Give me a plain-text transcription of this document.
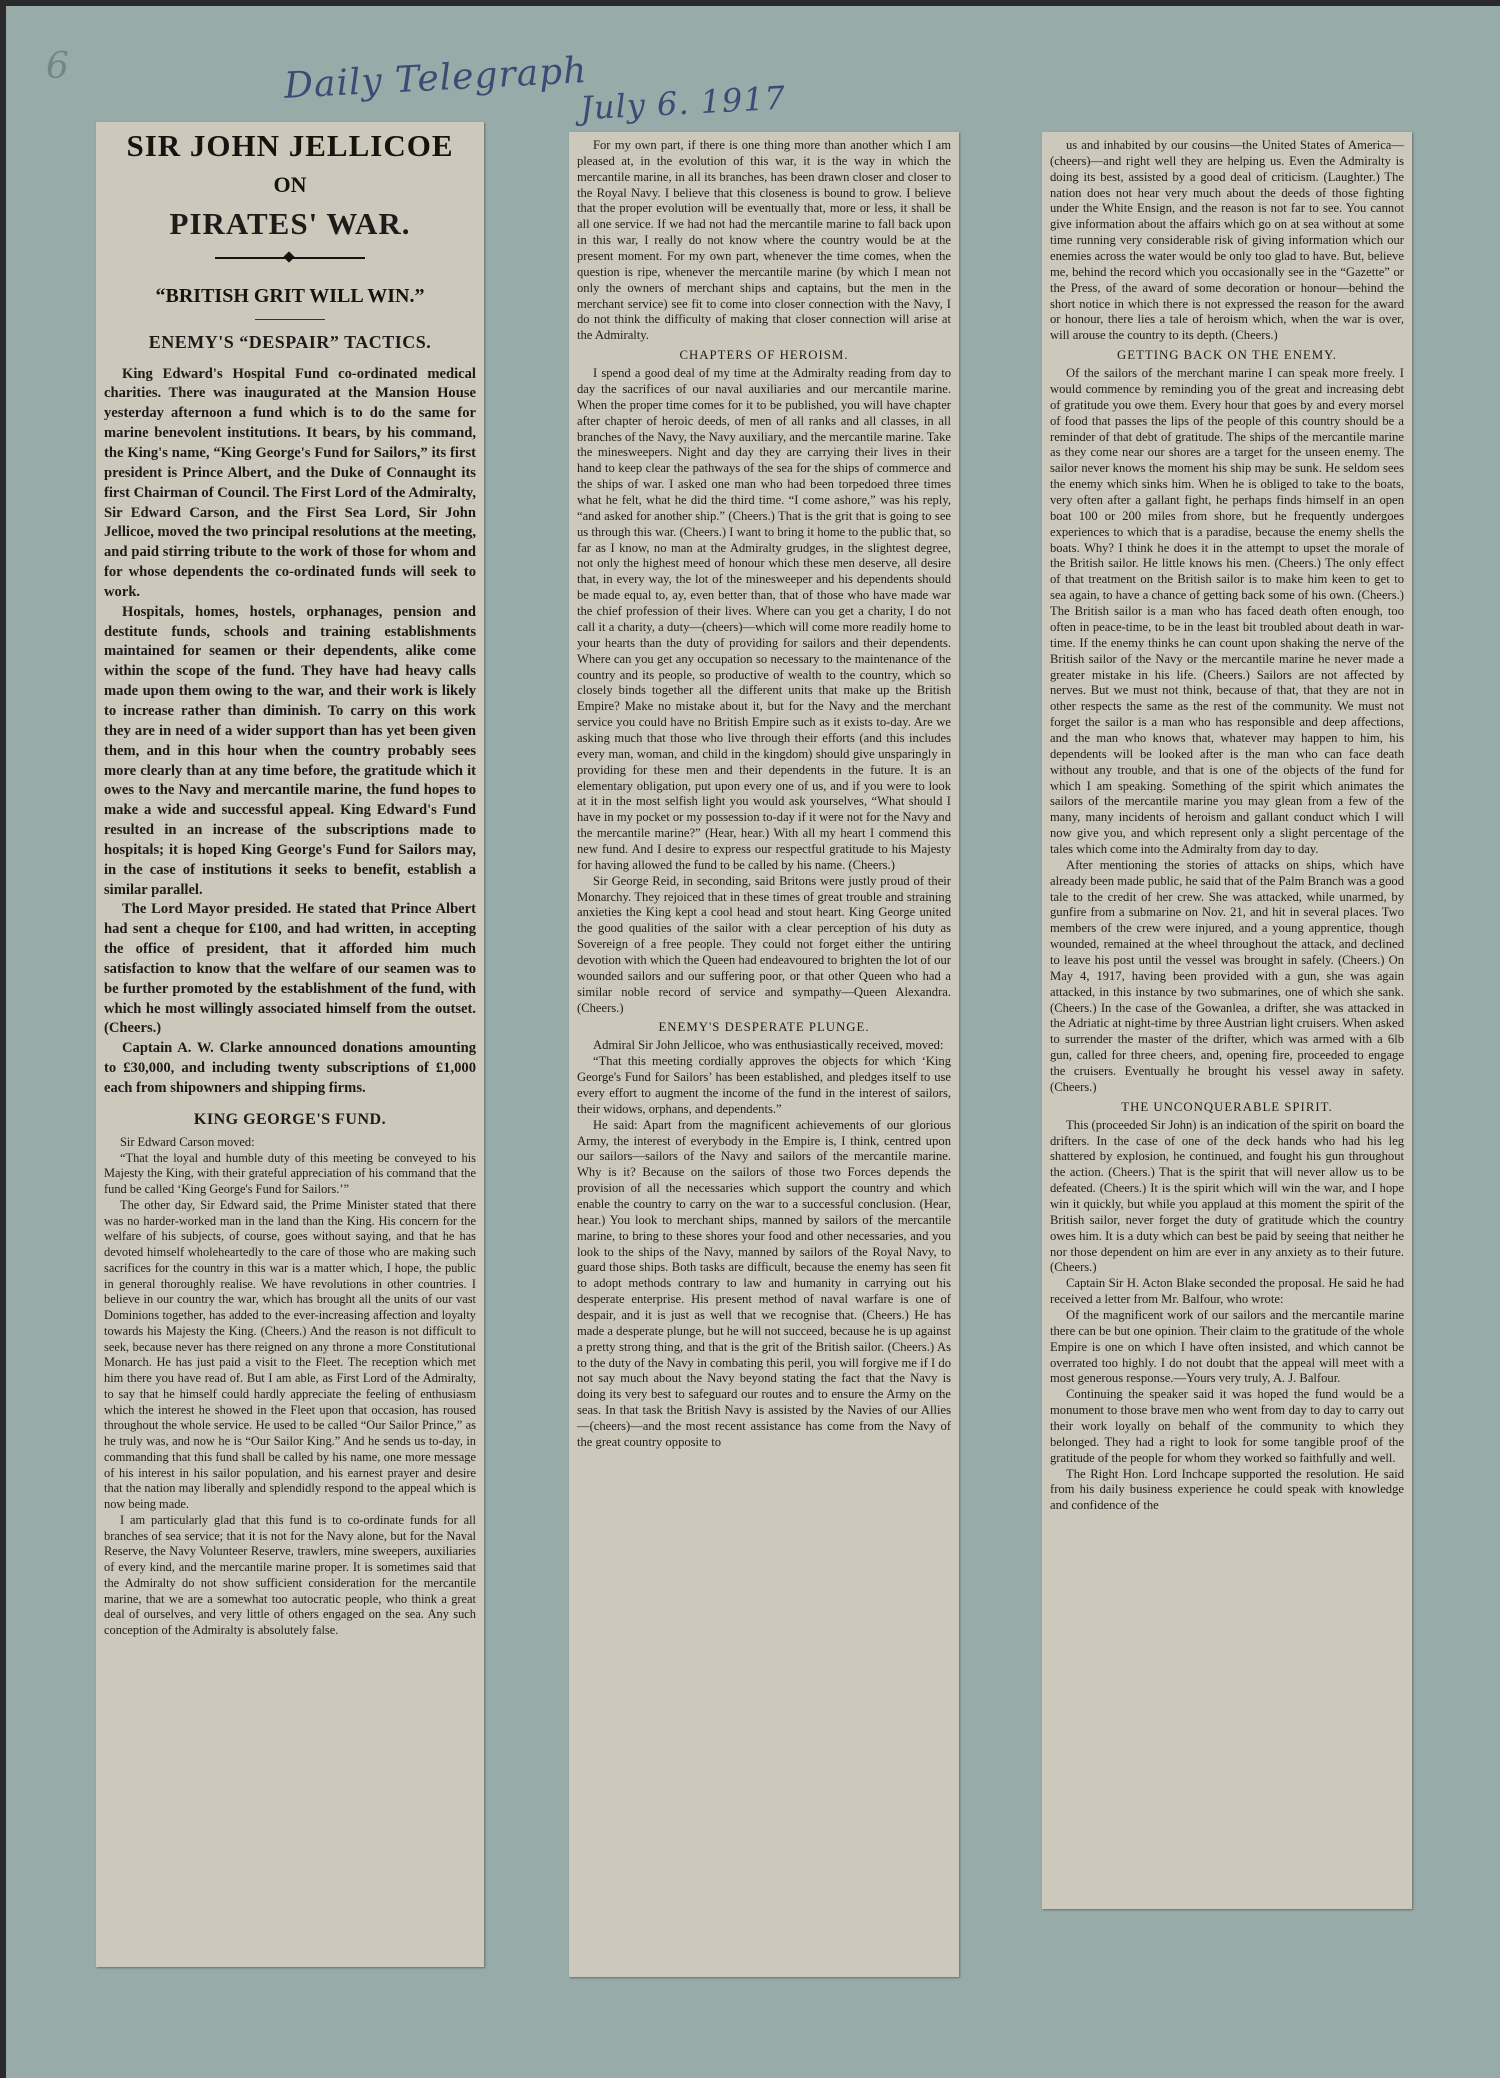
6	Daily Telegraph
July 6. 1917
SIR JOHN JELLICOE
ON
PIRATES' WAR.
“BRITISH GRIT WILL WIN.”
ENEMY'S “DESPAIR” TACTICS.

King Edward's Hospital Fund co-ordinated medical charities. There was inaugurated at the Mansion House yesterday afternoon a fund which is to do the same for marine benevolent institutions. It bears, by his command, the King's name, “King George's Fund for Sailors,” its first president is Prince Albert, and the Duke of Connaught its first Chairman of Council. The First Lord of the Admiralty, Sir Edward Carson, and the First Sea Lord, Sir John Jellicoe, moved the two principal resolutions at the meeting, and paid stirring tribute to the work of those for whom and for whose dependents the co-ordinated funds will seek to work.

Hospitals, homes, hostels, orphanages, pension and destitute funds, schools and training establishments maintained for seamen or their dependents, alike come within the scope of the fund. They have had heavy calls made upon them owing to the war, and their work is likely to increase rather than diminish. To carry on this work they are in need of a wider support than has yet been given them, and in this hour when the country probably sees more clearly than at any time before, the gratitude which it owes to the Navy and mercantile marine, the fund hopes to make a wide and successful appeal. King Edward's Fund resulted in an increase of the subscriptions made to hospitals; it is hoped King George's Fund for Sailors may, in the case of institutions it seeks to benefit, establish a similar parallel.

The Lord Mayor presided. He stated that Prince Albert had sent a cheque for £100, and had written, in accepting the office of president, that it afforded him much satisfaction to know that the welfare of our seamen was to be further promoted by the establishment of the fund, with which he most willingly associated himself from the outset. (Cheers.)

Captain A. W. Clarke announced donations amounting to £30,000, and including twenty subscriptions of £1,000 each from shipowners and shipping firms.

KING GEORGE'S FUND.

Sir Edward Carson moved:

“That the loyal and humble duty of this meeting be conveyed to his Majesty the King, with their grateful appreciation of his command that the fund be called ‘King George's Fund for Sailors.’”

The other day, Sir Edward said, the Prime Minister stated that there was no harder-worked man in the land than the King. His concern for the welfare of his subjects, of course, goes without saying, and that he has devoted himself wholeheartedly to the care of those who are making such sacrifices for the country in this war is a matter which, I hope, the public in general thoroughly realise. We have revolutions in other countries. I believe in our country the war, which has brought all the units of our vast Dominions together, has added to the ever-increasing affection and loyalty towards his Majesty the King. (Cheers.) And the reason is not difficult to seek, because never has there reigned on any throne a more Constitutional Monarch. He has just paid a visit to the Fleet. The reception which met him there you have read of. But I am able, as First Lord of the Admiralty, to say that he himself could hardly appreciate the feeling of enthusiasm which the interest he showed in the Fleet upon that occasion, has roused throughout the whole service. He used to be called “Our Sailor Prince,” as he truly was, and now he is “Our Sailor King.” And he sends us to-day, in commanding that this fund shall be called by his name, one more message of his interest in his sailor population, and his earnest prayer and desire that the nation may liberally and splendidly respond to the appeal which is now being made.

I am particularly glad that this fund is to co-ordinate funds for all branches of sea service; that it is not for the Navy alone, but for the Naval Reserve, the Navy Volunteer Reserve, trawlers, mine sweepers, auxiliaries of every kind, and the mercantile marine proper. It is sometimes said that the Admiralty do not show sufficient consideration for the mercantile marine, that we are a somewhat too autocratic people, who think a great deal of ourselves, and very little of others engaged on the sea. Any such conception of the Admiralty is absolutely false.

For my own part, if there is one thing more than another which I am pleased at, in the evolution of this war, it is the way in which the mercantile marine, in all its branches, has been drawn closer and closer to the Royal Navy. I believe that this closeness is bound to grow. I believe that the proper evolution will be eventually that, more or less, it shall be all one service. If we had not had the mercantile marine to fall back upon in this war, I really do not know where the country would be at the present moment. For my own part, whenever the time comes, when the question is ripe, whenever the mercantile marine (by which I mean not only the owners of merchant ships and captains, but the men in the merchant service) see fit to come into closer connection with the Navy, I do not think the difficulty of making that closer connection will arise at the Admiralty.

CHAPTERS OF HEROISM.

I spend a good deal of my time at the Admiralty reading from day to day the sacrifices of our naval auxiliaries and our mercantile marine. When the proper time comes for it to be published, you will have chapter after chapter of heroic deeds, of men of all ranks and all classes, in all branches of the Navy, the Navy auxiliary, and the mercantile marine. Take the minesweepers. Night and day they are carrying their lives in their hand to keep clear the pathways of the sea for the ships of commerce and the ships of war. I asked one man who had been torpedoed three times what he felt, what he did the third time. “I come ashore,” was his reply, “and asked for another ship.” (Cheers.) That is the grit that is going to see us through this war. (Cheers.) I want to bring it home to the public that, so far as I know, no man at the Admiralty grudges, in the slightest degree, not only the highest meed of honour which these men deserve, all desire that, in every way, the lot of the minesweeper and his dependents should be made equal to, ay, even better than, that of those who have made war the chief profession of their lives. Where can you get a charity, I do not call it a charity, a duty—(cheers)—which will come more readily home to your hearts than the duty of providing for sailors and their dependents. Where can you get any occupation so necessary to the maintenance of the country and its people, so productive of wealth to the country, which so closely binds together all the different units that make up the British Empire? Make no mistake about it, but for the Navy and the merchant service you could have no British Empire such as it exists to-day. Are we asking much that those who live through their efforts (and this includes every man, woman, and child in the kingdom) should give unsparingly in providing for these men and their dependents in the future. It is an elementary obligation, put upon every one of us, and if you were to look at it in the most selfish light you would ask yourselves, “What should I have in my pocket or my possession to-day if it were not for the Navy and the mercantile marine?” (Hear, hear.) With all my heart I commend this new fund. And I desire to express our respectful gratitude to his Majesty for having allowed the fund to be called by his name. (Cheers.)

Sir George Reid, in seconding, said Britons were justly proud of their Monarchy. They rejoiced that in these times of great trouble and straining anxieties the King kept a cool head and stout heart. King George united the good qualities of the sailor with a clear perception of his duty as Sovereign of a free people. They could not forget either the untiring devotion with which the Queen had endeavoured to brighten the lot of our wounded sailors and our suffering poor, or that other Queen who had a similar noble record of service and sympathy—Queen Alexandra. (Cheers.)

ENEMY'S DESPERATE PLUNGE.

Admiral Sir John Jellicoe, who was enthusiastically received, moved:

“That this meeting cordially approves the objects for which ‘King George's Fund for Sailors’ has been established, and pledges itself to use every effort to augment the income of the fund in the interest of sailors, their widows, orphans, and dependents.”

He said: Apart from the magnificent achievements of our glorious Army, the interest of everybody in the Empire is, I think, centred upon our sailors—sailors of the Navy and sailors of the mercantile marine. Why is it? Because on the sailors of those two Forces depends the provision of all the necessaries which support the country and which enable the country to carry on the war to a successful conclusion. (Hear, hear.) You look to merchant ships, manned by sailors of the mercantile marine, to bring to these shores your food and other necessaries, and you look to the ships of the Navy, manned by sailors of the Royal Navy, to guard those ships. Both tasks are difficult, because the enemy has seen fit to adopt methods contrary to law and humanity in carrying out his desperate enterprise. His present method of naval warfare is one of despair, and it is just as well that we recognise that. (Cheers.) He has made a desperate plunge, but he will not succeed, because he is up against a pretty strong thing, and that is the grit of the British sailor. (Cheers.) As to the duty of the Navy in combating this peril, you will forgive me if I do not say much about the Navy beyond stating the fact that the Navy is doing its very best to safeguard our routes and to ensure the Army on the seas. In that task the British Navy is assisted by the Navies of our Allies—(cheers)—and the most recent assistance has come from the Navy of the great country opposite to

us and inhabited by our cousins—the United States of America—(cheers)—and right well they are helping us. Even the Admiralty is doing its best, assisted by a good deal of criticism. (Laughter.) The nation does not hear very much about the deeds of those fighting under the White Ensign, and the reason is not far to see. You cannot give information about the affairs which go on at sea without at some time running very considerable risk of giving information which our enemies across the water would be only too glad to have. But, believe me, behind the record which you occasionally see in the “Gazette” or the Press, of the award of some decoration or honour—behind the short notice in which there is not expressed the reason for the award or honour, there lies a tale of heroism which, when the war is over, will arouse the country to its depth. (Cheers.)

GETTING BACK ON THE ENEMY.

Of the sailors of the merchant marine I can speak more freely. I would commence by reminding you of the great and increasing debt of gratitude you owe them. Every hour that goes by and every morsel of food that passes the lips of the people of this country should be a reminder of that debt of gratitude. The ships of the mercantile marine as they come near our shores are a target for the unseen enemy. The sailor never knows the moment his ship may be sunk. He seldom sees the enemy which sinks him. When he is obliged to take to the boats, very often after a gallant fight, he perhaps finds himself in an open boat 100 or 200 miles from shore, but he frequently undergoes experiences to which that is a paradise, because the enemy shells the boats. Why? I think he does it in the attempt to upset the morale of the British sailor. He little knows his men. (Cheers.) The only effect of that treatment on the British sailor is to make him keen to get to sea again, to have a chance of getting back some of his own. (Cheers.) The British sailor is a man who has faced death often enough, too often in peace-time, to be in the least bit troubled about death in war-time. If the enemy thinks he can count upon shaking the nerve of the British sailor of the Navy or the mercantile marine he never made a greater mistake in his life. (Cheers.) Sailors are not affected by nerves. But we must not think, because of that, that they are not in other respects the same as the rest of the community. We must not forget the sailor is a man who has responsible and deep affections, and the man who knows that, whatever may happen to him, his dependents will be looked after is the man who can face death without any trouble, and that is one of the objects of the fund for which I am speaking. Something of the spirit which animates the sailors of the mercantile marine you may glean from a few of the many, many incidents of heroism and gallant conduct which I will now give you, and which represent only a slight percentage of the tales which come into the Admiralty from day to day.

After mentioning the stories of attacks on ships, which have already been made public, he said that of the Palm Branch was a good tale to the credit of her crew. She was attacked, while unarmed, by gunfire from a submarine on Nov. 21, and hit in several places. Two members of the crew were injured, and a young apprentice, though wounded, remained at the wheel throughout the attack, and declined to leave his post until the vessel was brought in safely. (Cheers.) On May 4, 1917, having been provided with a gun, she was again attacked, in this instance by two submarines, one of which she sank. (Cheers.) In the case of the Gowanlea, a drifter, she was attacked in the Adriatic at night-time by three Austrian light cruisers. When asked to surrender the master of the drifter, which was armed with a 6lb gun, called for three cheers, and, opening fire, proceeded to engage the cruisers. Eventually he brought his vessel away in safety. (Cheers.)

THE UNCONQUERABLE SPIRIT.

This (proceeded Sir John) is an indication of the spirit on board the drifters. In the case of one of the deck hands who had his leg shattered by explosion, he continued, and fought his gun throughout the action. (Cheers.) That is the spirit that will never allow us to be defeated. (Cheers.) It is the spirit which will win the war, and I hope win it quickly, but while you applaud at this moment the spirit of the British sailor, never forget the duty of gratitude which the country owes him. It is a duty which can best be paid by seeing that neither he nor those dependent on him are ever in any anxiety as to their future. (Cheers.)

Captain Sir H. Acton Blake seconded the proposal. He said he had received a letter from Mr. Balfour, who wrote:

Of the magnificent work of our sailors and the mercantile marine there can be but one opinion. Their claim to the gratitude of the whole Empire is one on which I have often insisted, and which cannot be overrated too highly. I do not doubt that the appeal will meet with a most generous response.—Yours very truly, A. J. Balfour.

Continuing the speaker said it was hoped the fund would be a monument to those brave men who went from day to day to carry out their work loyally on behalf of the community to which they belonged. They had a right to look for some tangible proof of the gratitude of the people for whom they worked so faithfully and well.

The Right Hon. Lord Inchcape supported the resolution. He said from his daily business experience he could speak with knowledge and confidence of the
